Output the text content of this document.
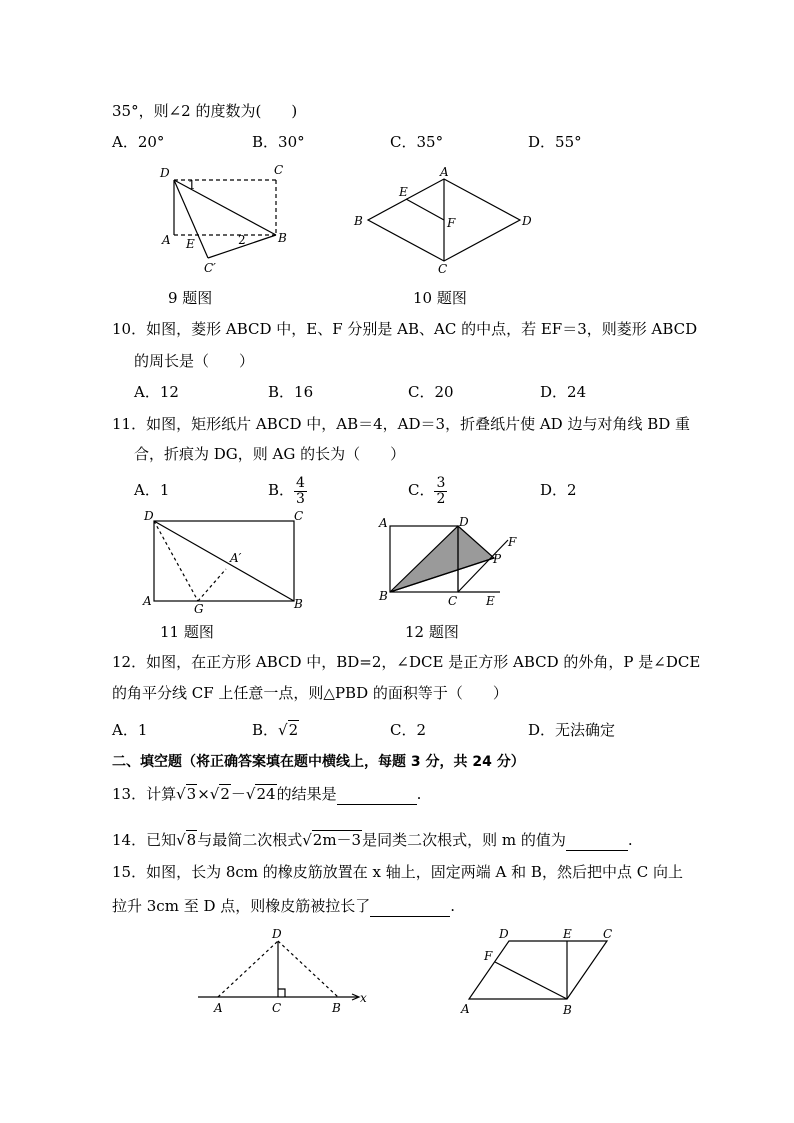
35°，则∠2 的度数为(　　)
A．20°	B．30°	C．35°	D．55°
D	C
A E	B
C′
1
2
9 题图
A
B
C
D
E
F
10 题图
10．如图，菱形 ABCD 中，E、F 分别是 AB、AC 的中点，若 EF＝3，则菱形 ABCD
的周长是（　　）
A．12	B．16	C．20	D．24
11．如图，矩形纸片 ABCD 中，AB＝4，AD＝3，折叠纸片使 AD 边与对角线 BD 重
合，折痕为 DG，则 AG 的长为（　　）
A．1	B． $\frac{4}{3}$	C． $\frac{3}{2}$	D．2
D	C
A	B
G
A′
11 题图
A	D
B	C E
F
P
12 题图
12．如图，在正方形 ABCD 中，BD=2，∠DCE 是正方形 ABCD 的外角，P 是∠DCE
的角平分线 CF 上任意一点，则△PBD 的面积等于（　　）
A．1	B．√2	C．2	D．无法确定
二、填空题（将正确答案填在题中横线上，每题 3 分，共 24 分）
13．计算√3×√2－√24的结果是	.
14．已知√8与最简二次根式√2m－3是同类二次根式，则 m 的值为	.
15．如图，长为 8cm 的橡皮筋放置在 x 轴上，固定两端 A 和 B，然后把中点 C 向上
拉升 3cm 至 D 点，则橡皮筋被拉长了	.
D
A	C	B
x
D	E	C
F
A	B
